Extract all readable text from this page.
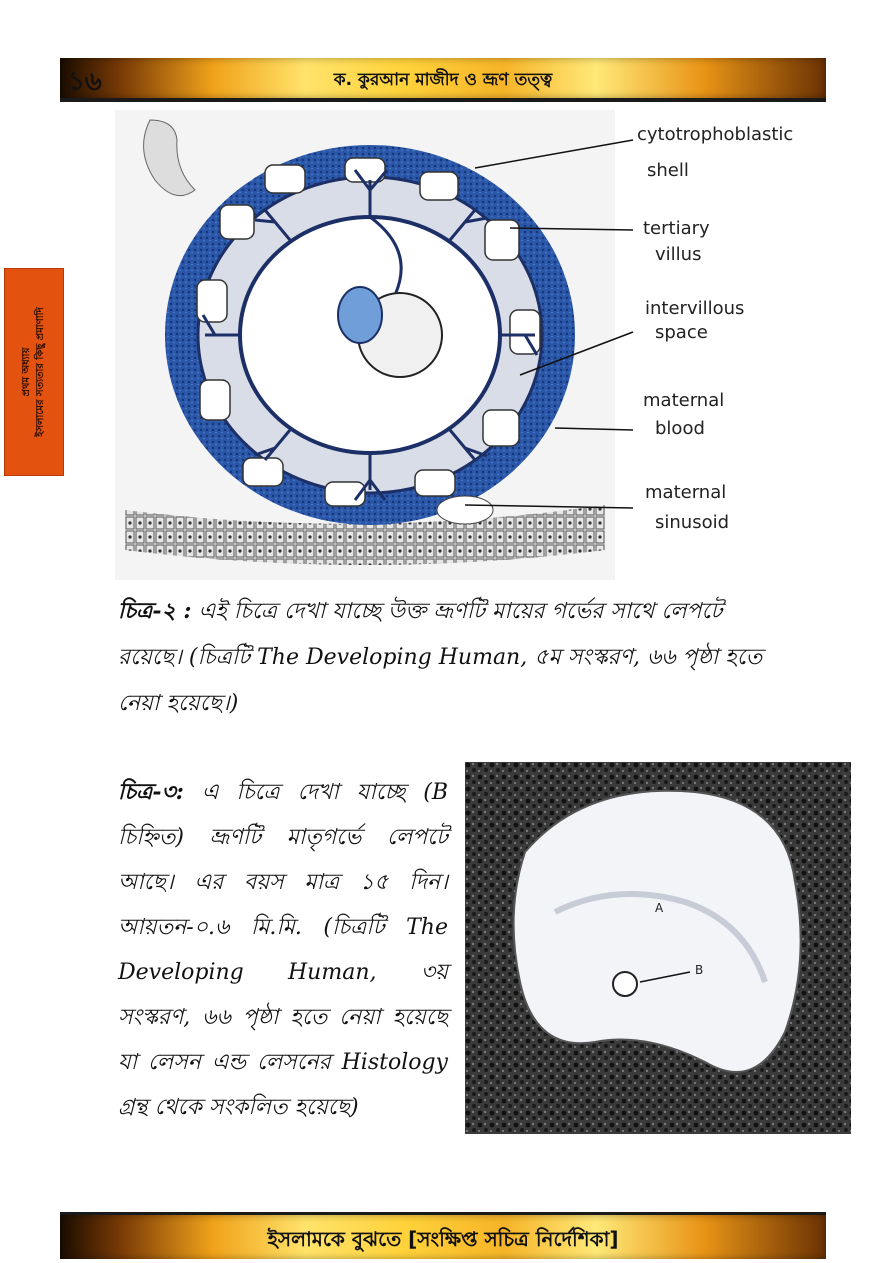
১৬	ক. কুরআন মাজীদ ও ভ্রূণ তত্ত্ব
প্রথম অধ্যায় ইসলামের সত্যতার কিছু প্রমাণাদি
cytotrophoblastic
shell
tertiary
villus
intervillous
space
maternal
blood
maternal
sinusoid
চিত্র-২ : এই চিত্রে দেখা যাচ্ছে উক্ত ভ্রূণটি মায়ের গর্ভের সাথে লেপটে রয়েছে। (চিত্রটি The Developing Human, ৫ম সংস্করণ, ৬৬ পৃষ্ঠা হতে নেয়া হয়েছে।)
চিত্র-৩: এ চিত্রে দেখা যাচ্ছে (B চিহ্নিত) ভ্রূণটি মাতৃগর্ভে লেপটে আছে। এর বয়স মাত্র ১৫ দিন। আয়তন-০.৬ মি.মি. (চিত্রটি The Developing Human, ৩য় সংস্করণ, ৬৬ পৃষ্ঠা হতে নেয়া হয়েছে যা লেসন এন্ড লেসনের Histology গ্রন্থ থেকে সংকলিত হয়েছে)
A
B
ইসলামকে বুঝতে [সংক্ষিপ্ত সচিত্র নির্দেশিকা]
